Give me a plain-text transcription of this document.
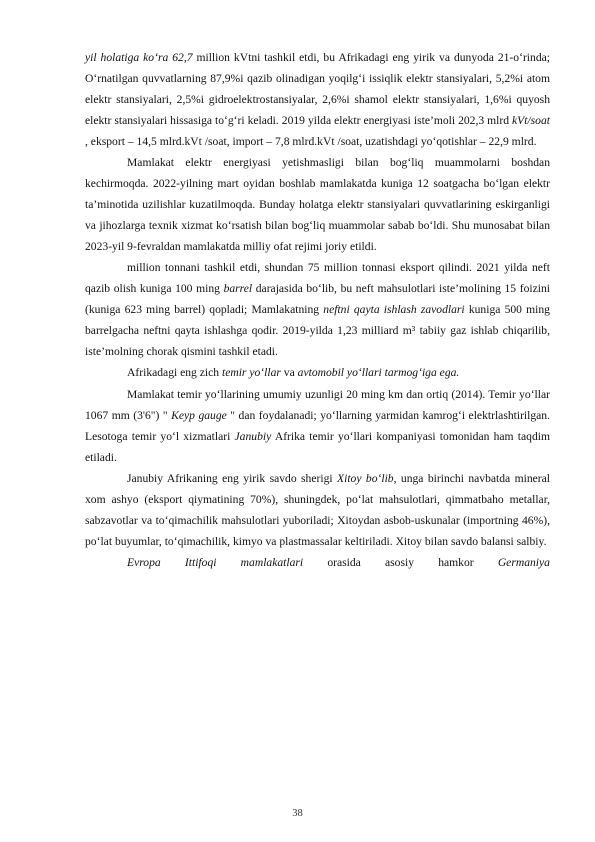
yil holatiga ko‘ra 62,7 million kVtni tashkil etdi, bu Afrikadagi eng yirik va dunyoda 21-o‘rinda; O‘rnatilgan quvvatlarning 87,9%i qazib olinadigan yoqilg‘i issiqlik elektr stansiyalari, 5,2%i atom elektr stansiyalari, 2,5%i gidroelektrostansiyalar, 2,6%i shamol elektr stansiyalari, 1,6%i quyosh elektr stansiyalari hissasiga to‘g‘ri keladi. 2019 yilda elektr energiyasi iste’moli 202,3 mlrd kVt/soat , eksport – 14,5 mlrd.kVt /soat, import – 7,8 mlrd.kVt /soat, uzatishdagi yo‘qotishlar – 22,9 mlrd.

Mamlakat elektr energiyasi yetishmasligi bilan bog‘liq muammolarni boshdan kechirmoqda. 2022-yilning mart oyidan boshlab mamlakatda kuniga 12 soatgacha bo‘lgan elektr ta’minotida uzilishlar kuzatilmoqda. Bunday holatga elektr stansiyalari quvvatlarining eskirganligi va jihozlarga texnik xizmat ko‘rsatish bilan bog‘liq muammolar sabab bo‘ldi. Shu munosabat bilan 2023-yil 9-fevraldan mamlakatda milliy ofat rejimi joriy etildi.

million tonnani tashkil etdi, shundan 75 million tonnasi eksport qilindi. 2021 yilda neft qazib olish kuniga 100 ming barrel darajasida bo‘lib, bu neft mahsulotlari iste’molining 15 foizini (kuniga 623 ming barrel) qopladi; Mamlakatning neftni qayta ishlash zavodlari kuniga 500 ming barrelgacha neftni qayta ishlashga qodir. 2019-yilda 1,23 milliard m³ tabiiy gaz ishlab chiqarilib, iste’molning chorak qismini tashkil etadi.

Afrikadagi eng zich temir yo‘llar va avtomobil yo‘llari tarmog‘iga ega.

Mamlakat temir yo‘llarining umumiy uzunligi 20 ming km dan ortiq (2014). Temir yo‘llar 1067 mm (3'6") " Keyp gauge " dan foydalanadi; yo‘llarning yarmidan kamrog‘i elektrlashtirilgan. Lesotoga temir yo‘l xizmatlari Janubiy Afrika temir yo‘llari kompaniyasi tomonidan ham taqdim etiladi.

Janubiy Afrikaning eng yirik savdo sherigi Xitoy bo‘lib, unga birinchi navbatda mineral xom ashyo (eksport qiymatining 70%), shuningdek, po‘lat mahsulotlari, qimmatbaho metallar, sabzavotlar va to‘qimachilik mahsulotlari yuboriladi; Xitoydan asbob-uskunalar (importning 46%), po‘lat buyumlar, to‘qimachilik, kimyo va plastmassalar keltiriladi. Xitoy bilan savdo balansi salbiy.

Evropa Ittifoqi mamlakatlari orasida asosiy hamkor Germaniya

38
